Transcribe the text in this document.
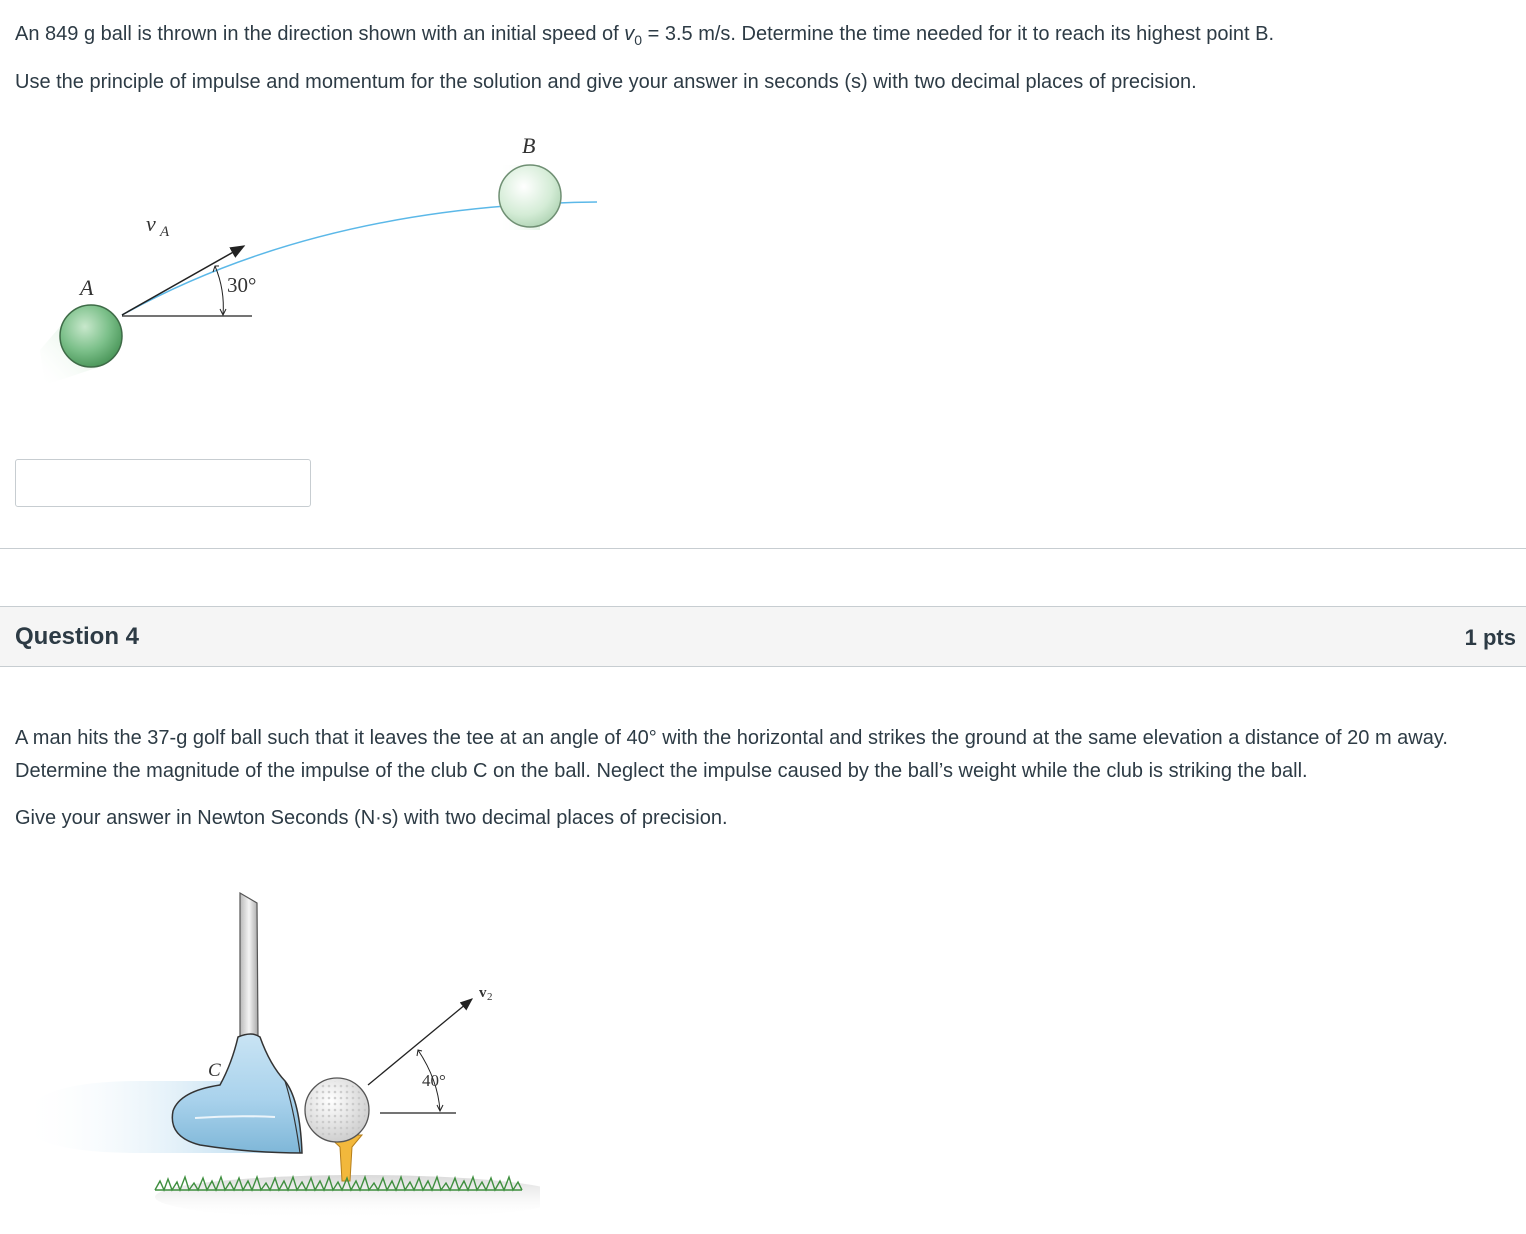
An 849 g ball is thrown in the direction shown with an initial speed of $v_0 = 3.5$ m/s. Determine the time needed for it to reach its highest point B.

Use the principle of impulse and momentum for the solution and give your answer in seconds (s) with two decimal places of precision.

A
B
v A
30°
Question 4	1 pts

A man hits the 37-g golf ball such that it leaves the tee at an angle of 40° with the horizontal and strikes the ground at the same elevation a distance of 20 m away. Determine the magnitude of the impulse of the club C on the ball. Neglect the impulse caused by the ball’s weight while the club is striking the ball.

Give your answer in Newton Seconds (N·s) with two decimal places of precision.

C
v 2
40°
